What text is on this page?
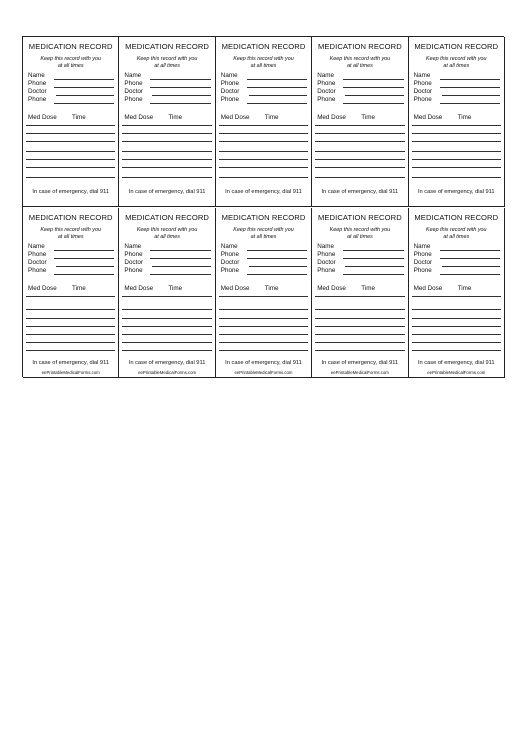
MEDICATION RECORD
Keep this record with you
at all times
Name
Phone
Doctor
Phone
Med Dose Time
In case of emergency, dial 911
MEDICATION RECORD
Keep this record with you
at all times
Name
Phone
Doctor
Phone
Med Dose Time
In case of emergency, dial 911
MEDICATION RECORD
Keep this record with you
at all times
Name
Phone
Doctor
Phone
Med Dose Time
In case of emergency, dial 911
MEDICATION RECORD
Keep this record with you
at all times
Name
Phone
Doctor
Phone
Med Dose Time
In case of emergency, dial 911
MEDICATION RECORD
Keep this record with you
at all times
Name
Phone
Doctor
Phone
Med Dose Time
In case of emergency, dial 911
MEDICATION RECORD
Keep this record with you
at all times
Name
Phone
Doctor
Phone
Med Dose Time
In case of emergency, dial 911
eePrintableMedicalForms.com
MEDICATION RECORD
Keep this record with you
at all times
Name
Phone
Doctor
Phone
Med Dose Time
In case of emergency, dial 911
eePrintableMedicalForms.com
MEDICATION RECORD
Keep this record with you
at all times
Name
Phone
Doctor
Phone
Med Dose Time
In case of emergency, dial 911
eePrintableMedicalForms.com
MEDICATION RECORD
Keep this record with you
at all times
Name
Phone
Doctor
Phone
Med Dose Time
In case of emergency, dial 911
eePrintableMedicalForms.com
MEDICATION RECORD
Keep this record with you
at all times
Name
Phone
Doctor
Phone
Med Dose Time
In case of emergency, dial 911
eePrintableMedicalForms.com
